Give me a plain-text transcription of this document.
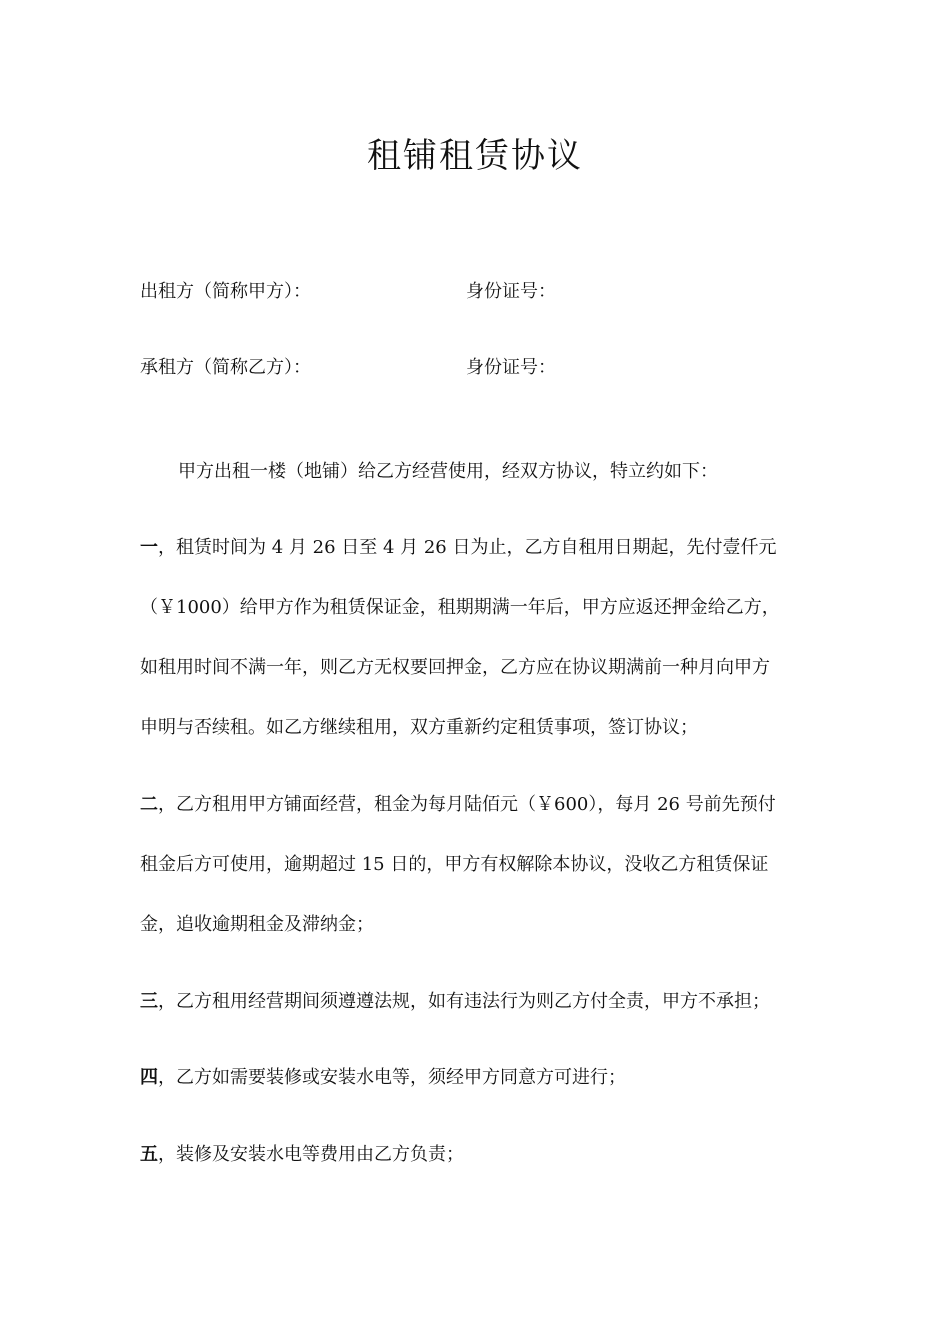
租铺租赁协议
出租方（简称甲方）：	身份证号：
承租方（简称乙方）：	身份证号：
甲方出租一楼（地铺）给乙方经营使用，经双方协议，特立约如下：
一，租赁时间为 4 月 26 日至 4 月 26 日为止，乙方自租用日期起，先付壹仟元
（￥1000）给甲方作为租赁保证金，租期期满一年后，甲方应返还押金给乙方，
如租用时间不满一年，则乙方无权要回押金，乙方应在协议期满前一种月向甲方
申明与否续租。如乙方继续租用，双方重新约定租赁事项，签订协议；
二，乙方租用甲方铺面经营，租金为每月陆佰元（￥600），每月 26 号前先预付
租金后方可使用，逾期超过 15 日的，甲方有权解除本协议，没收乙方租赁保证
金，追收逾期租金及滞纳金；
三，乙方租用经营期间须遵遵法规，如有违法行为则乙方付全责，甲方不承担；
四，乙方如需要装修或安装水电等，须经甲方同意方可进行；
五，装修及安装水电等费用由乙方负责；
